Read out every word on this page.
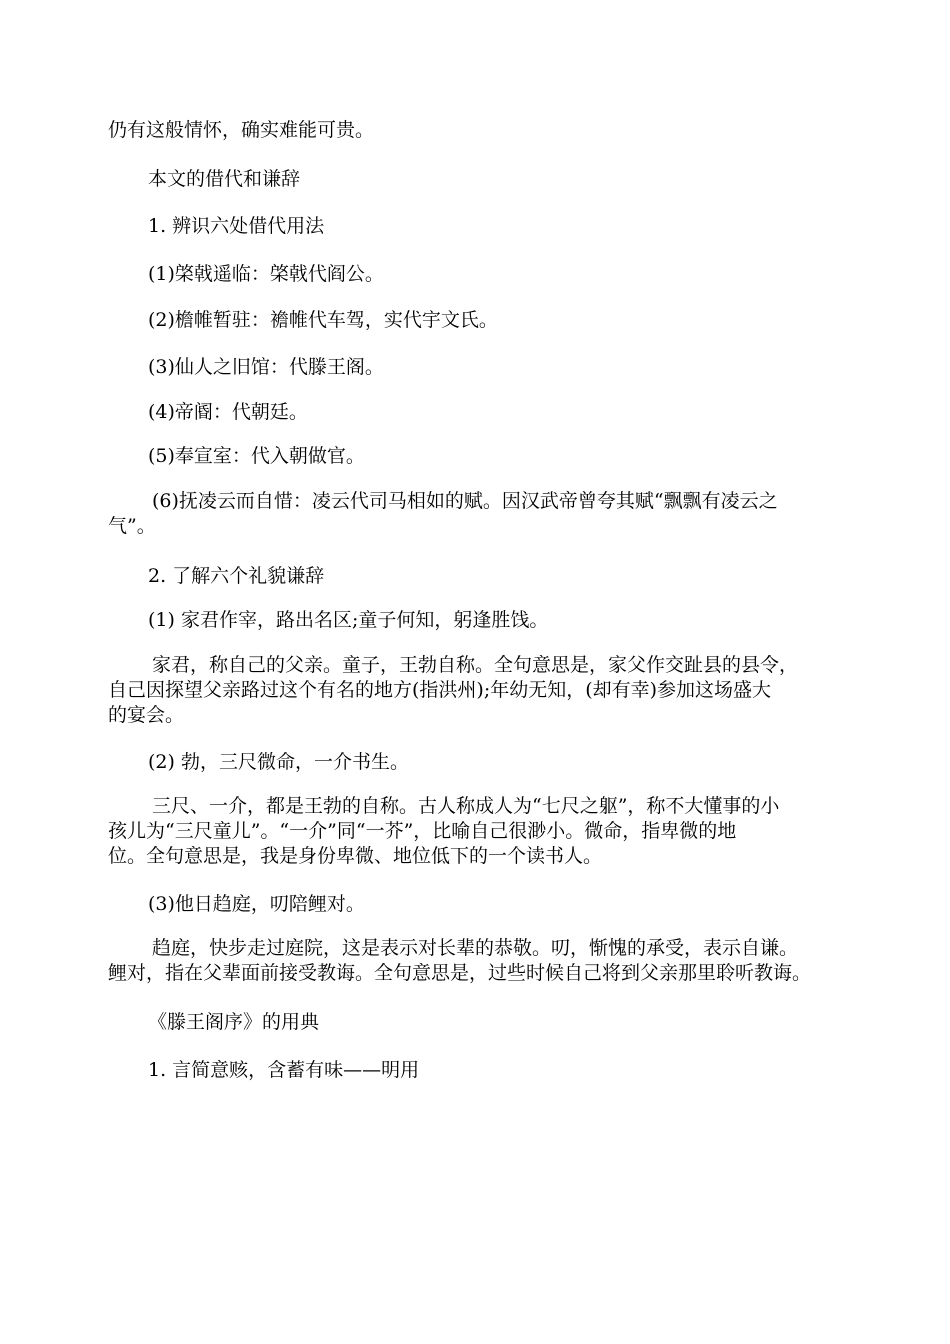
仍有这般情怀，确实难能可贵。

本文的借代和谦辞

1. 辨识六处借代用法

(1)棨戟遥临：棨戟代阎公。

(2)檐帷暂驻：襜帷代车驾，实代宇文氏。

(3)仙人之旧馆：代滕王阁。

(4)帝阍：代朝廷。

(5)奉宣室：代入朝做官。

(6)抚凌云而自惜：凌云代司马相如的赋。因汉武帝曾夸其赋“飘飘有凌云之
气”。

2. 了解六个礼貌谦辞

(1) 家君作宰，路出名区;童子何知，躬逢胜饯。

家君，称自己的父亲。童子，王勃自称。全句意思是，家父作交趾县的县令，
自己因探望父亲路过这个有名的地方(指洪州);年幼无知，(却有幸)参加这场盛大
的宴会。

(2) 勃，三尺微命，一介书生。

三尺、一介，都是王勃的自称。古人称成人为“七尺之躯”，称不大懂事的小
孩儿为“三尺童儿”。“一介”同“一芥”，比喻自己很渺小。微命，指卑微的地
位。全句意思是，我是身份卑微、地位低下的一个读书人。

(3)他日趋庭，叨陪鲤对。

趋庭，快步走过庭院，这是表示对长辈的恭敬。叨，惭愧的承受，表示自谦。
鲤对，指在父辈面前接受教诲。全句意思是，过些时候自己将到父亲那里聆听教诲。

《滕王阁序》的用典

1. 言简意赅，含蓄有味——明用
